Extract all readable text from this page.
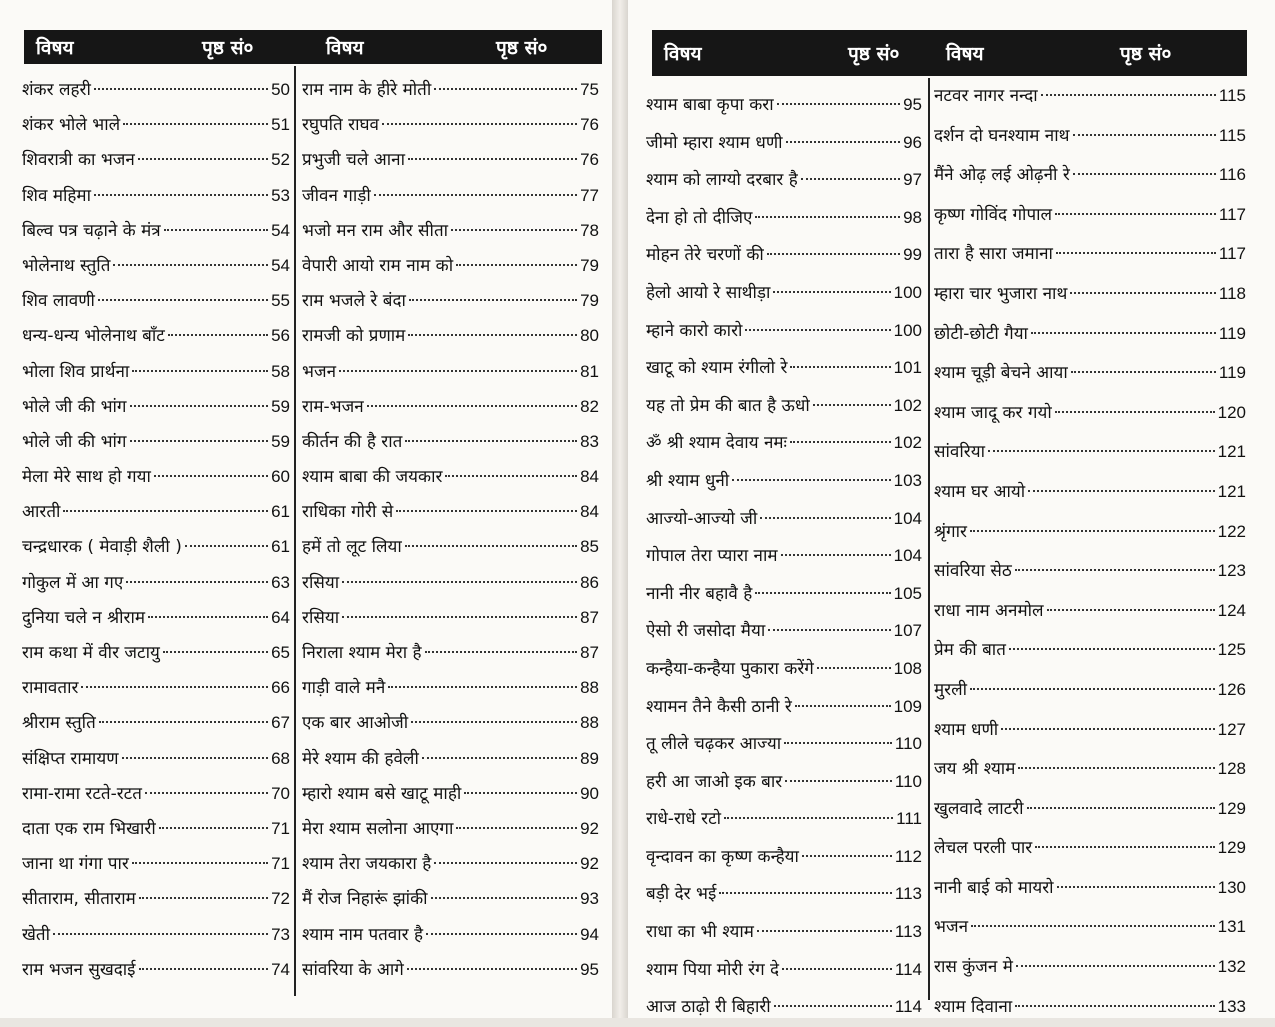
विषय	पृष्ठ सं०	विषय	पृष्ठ सं०
शंकर लहरी	50
शंकर भोले भाले	51
शिवरात्री का भजन	52
शिव महिमा	53
बिल्व पत्र चढ़ाने के मंत्र	54
भोलेनाथ स्तुति	54
शिव लावणी	55
धन्य-धन्य भोलेनाथ बाँट	56
भोला शिव प्रार्थना	58
भोले जी की भांग	59
भोले जी की भांग	59
मेला मेरे साथ हो गया	60
आरती	61
चन्द्रधारक ( मेवाड़ी शैली )	61
गोकुल में आ गए	63
दुनिया चले न श्रीराम	64
राम कथा में वीर जटायु	65
रामावतार	66
श्रीराम स्तुति	67
संक्षिप्त रामायण	68
रामा-रामा रटते-रटत	70
दाता एक राम भिखारी	71
जाना था गंगा पार	71
सीताराम, सीताराम	72
खेती	73
राम भजन सुखदाई	74
राम नाम के हीरे मोती	75
रघुपति राघव	76
प्रभुजी चले आना	76
जीवन गाड़ी	77
भजो मन राम और सीता	78
वेपारी आयो राम नाम को	79
राम भजले रे बंदा	79
रामजी को प्रणाम	80
भजन	81
राम-भजन	82
कीर्तन की है रात	83
श्याम बाबा की जयकार	84
राधिका गोरी से	84
हमें तो लूट लिया	85
रसिया	86
रसिया	87
निराला श्याम मेरा है	87
गाड़ी वाले मनै	88
एक बार आओजी	88
मेरे श्याम की हवेली	89
म्हारो श्याम बसे खाटू माही	90
मेरा श्याम सलोना आएगा	92
श्याम तेरा जयकारा है	92
मैं रोज निहारूं झांकी	93
श्याम नाम पतवार है	94
सांवरिया के आगे	95
विषय	पृष्ठ सं० विषय	पृष्ठ सं०
श्याम बाबा कृपा करा	95
जीमो म्हारा श्याम धणी	96
श्याम को लाग्यो दरबार है	97
देना हो तो दीजिए	98
मोहन तेरे चरणों की	99
हेलो आयो रे साथीड़ा	100
म्हाने कारो कारो	100
खाटू को श्याम रंगीलो रे	101
यह तो प्रेम की बात है ऊधो	102
ॐ श्री श्याम देवाय नमः	102
श्री श्याम धुनी	103
आज्यो-आज्यो जी	104
गोपाल तेरा प्यारा नाम	104
नानी नीर बहावै है	105
ऐसो री जसोदा मैया	107
कन्हैया-कन्हैया पुकारा करेंगे	108
श्यामन तैने कैसी ठानी रे	109
तू लीले चढ़कर आज्या	110
हरी आ जाओ इक बार	110
राधे-राधे रटो	111
वृन्दावन का कृष्ण कन्हैया	112
बड़ी देर भई	113
राधा का भी श्याम	113
श्याम पिया मोरी रंग दे	114
आज ठाढ़ो री बिहारी	114
नटवर नागर नन्दा	115
दर्शन दो घनश्याम नाथ	115
मैंने ओढ़ लई ओढ़नी रे	116
कृष्ण गोविंद गोपाल	117
तारा है सारा जमाना	117
म्हारा चार भुजारा नाथ	118
छोटी-छोटी गैया	119
श्याम चूड़ी बेचने आया	119
श्याम जादू कर गयो	120
सांवरिया	121
श्याम घर आयो	121
श्रृंगार	122
सांवरिया सेठ	123
राधा नाम अनमोल	124
प्रेम की बात	125
मुरली	126
श्याम धणी	127
जय श्री श्याम	128
खुलवादे लाटरी	129
लेचल परली पार	129
नानी बाई को मायरो	130
भजन	131
रास कुंजन मे	132
श्याम दिवाना	133
